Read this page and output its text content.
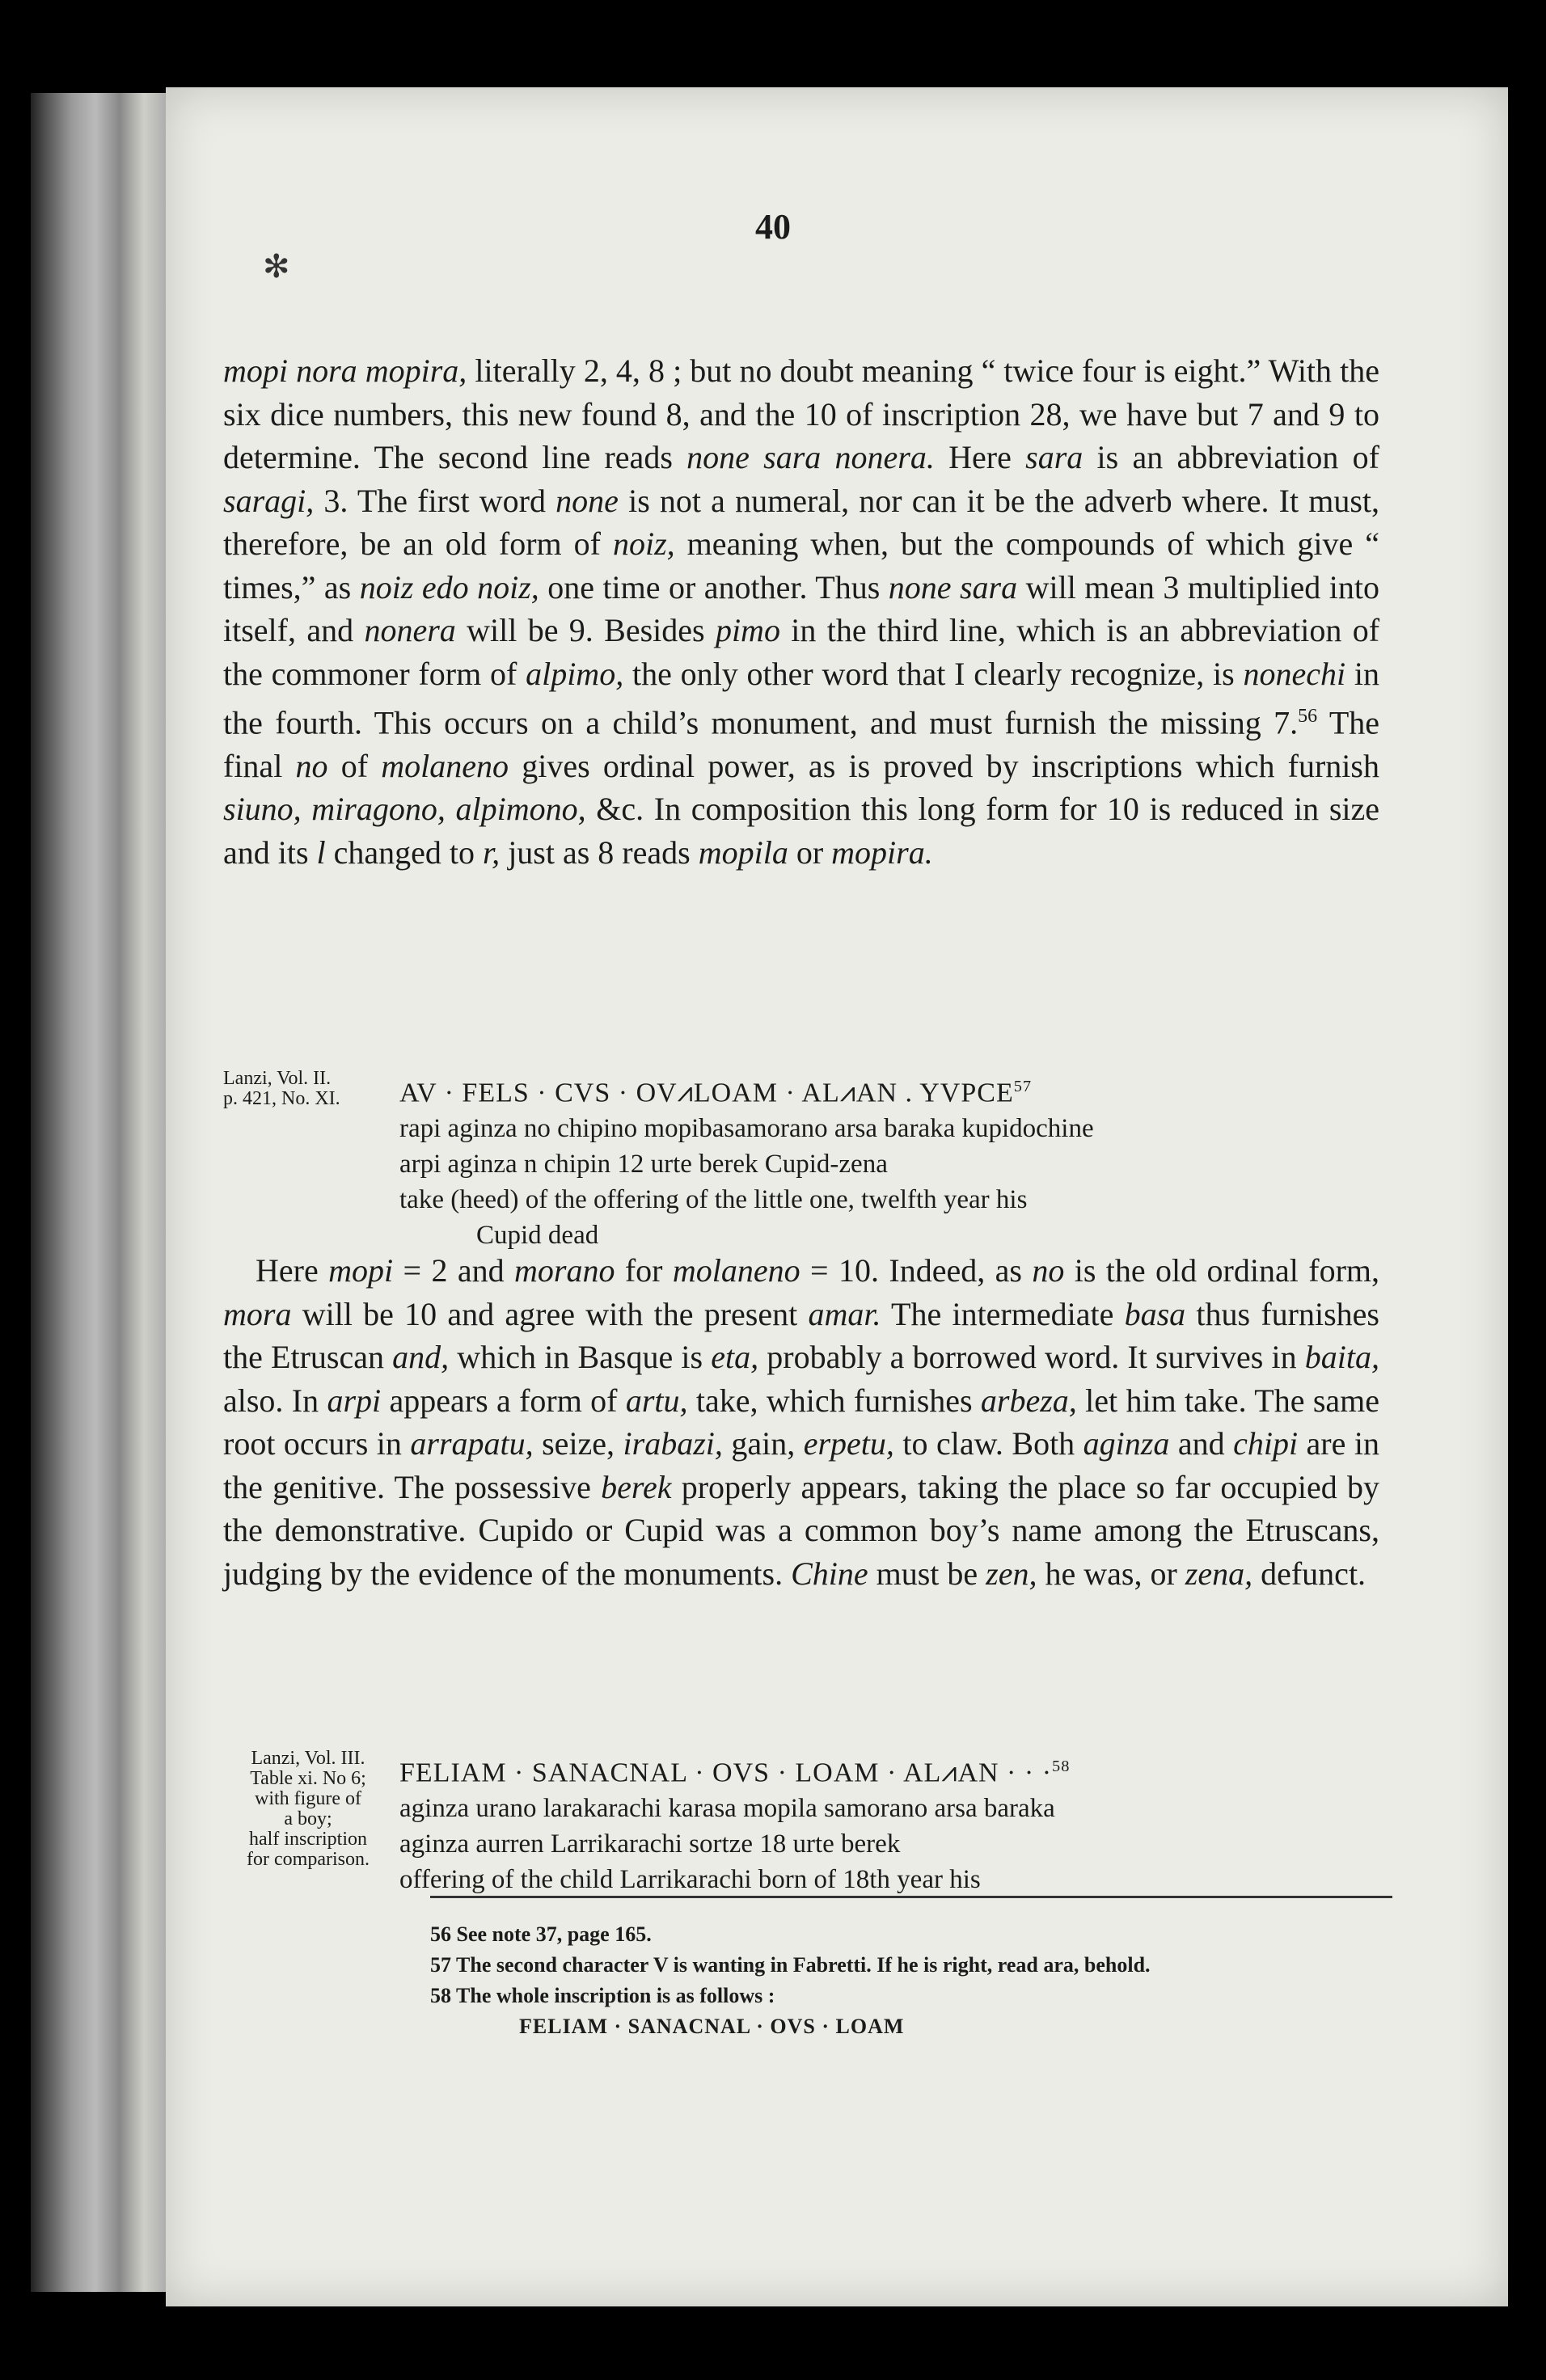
✻
40

mopi nora mopira, literally 2, 4, 8 ; but no doubt meaning “ twice four is eight.” With the six dice numbers, this new found 8, and the 10 of inscription 28, we have but 7 and 9 to determine. The second line reads none sara nonera. Here sara is an abbreviation of saragi, 3. The first word none is not a numeral, nor can it be the adverb where. It must, therefore, be an old form of noiz, meaning when, but the compounds of which give “ times,” as noiz edo noiz, one time or another. Thus none sara will mean 3 multiplied into itself, and nonera will be 9. Besides pimo in the third line, which is an abbreviation of the commoner form of alpimo, the only other word that I clearly recognize, is nonechi in the fourth. This occurs on a child’s monument, and must furnish the missing 7.56 The final no of molaneno gives ordinal power, as is proved by inscriptions which furnish siuno, miragono, alpimono, &c. In composition this long form for 10 is reduced in size and its l changed to r, just as 8 reads mopila or mopira.

Lanzi, Vol. II.
p. 421, No. XI.	AV · FELS · CVS · OV⩘LOAM · AL⩘AN . YVPCE$^{57}$
rapi aginza no chipino mopibasamorano arsa baraka kupidochine
arpi aginza n chipin 12 urte berek Cupid-zena
take (heed) of the offering of the little one, twelfth year his
Cupid dead

Here mopi = 2 and morano for molaneno = 10. Indeed, as no is the old ordinal form, mora will be 10 and agree with the present amar. The intermediate basa thus furnishes the Etruscan and, which in Basque is eta, probably a borrowed word. It survives in baita, also. In arpi appears a form of artu, take, which furnishes arbeza, let him take. The same root occurs in arrapatu, seize, irabazi, gain, erpetu, to claw. Both aginza and chipi are in the genitive. The possessive berek properly appears, taking the place so far occupied by the demonstrative. Cupido or Cupid was a common boy’s name among the Etruscans, judging by the evidence of the monuments. Chine must be zen, he was, or zena, defunct.

Lanzi, Vol. III.
Table xi. No 6;
with figure of
a boy;
half inscription
for comparison.
FELIAM · SANACNAL · OVS · LOAM · AL⩘AN · · ·$^{58}$
aginza urano larakarachi karasa mopila samorano arsa baraka
aginza aurren Larrikarachi sortze 18 urte berek
offering of the child Larrikarachi born of 18th year his
56 See note 37, page 165.
57 The second character V is wanting in Fabretti. If he is right, read ara, behold.
58 The whole inscription is as follows :
FELIAM · SANACNAL · OVS · LOAM
